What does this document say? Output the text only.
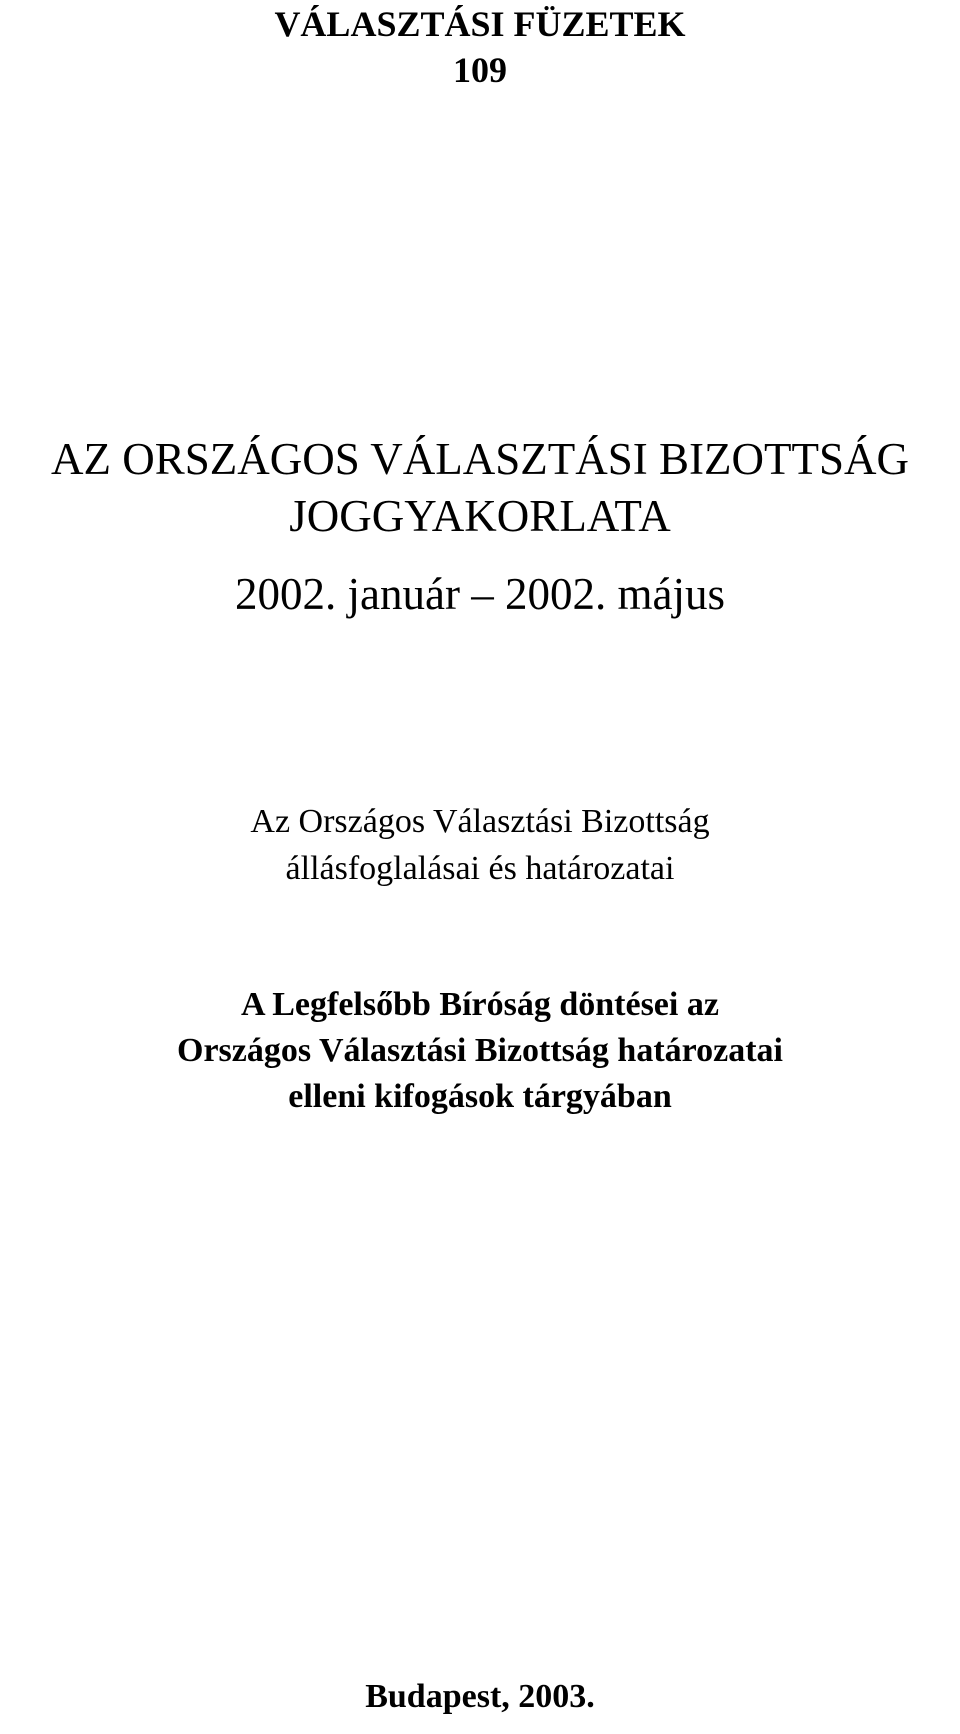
VÁLASZTÁSI FÜZETEK

109

AZ ORSZÁGOS VÁLASZTÁSI BIZOTTSÁG

JOGGYAKORLATA

2002. január – 2002. május

Az Országos Választási Bizottság

állásfoglalásai és határozatai

A Legfelsőbb Bíróság döntései az

Országos Választási Bizottság határozatai

elleni kifogások tárgyában

Budapest, 2003.
